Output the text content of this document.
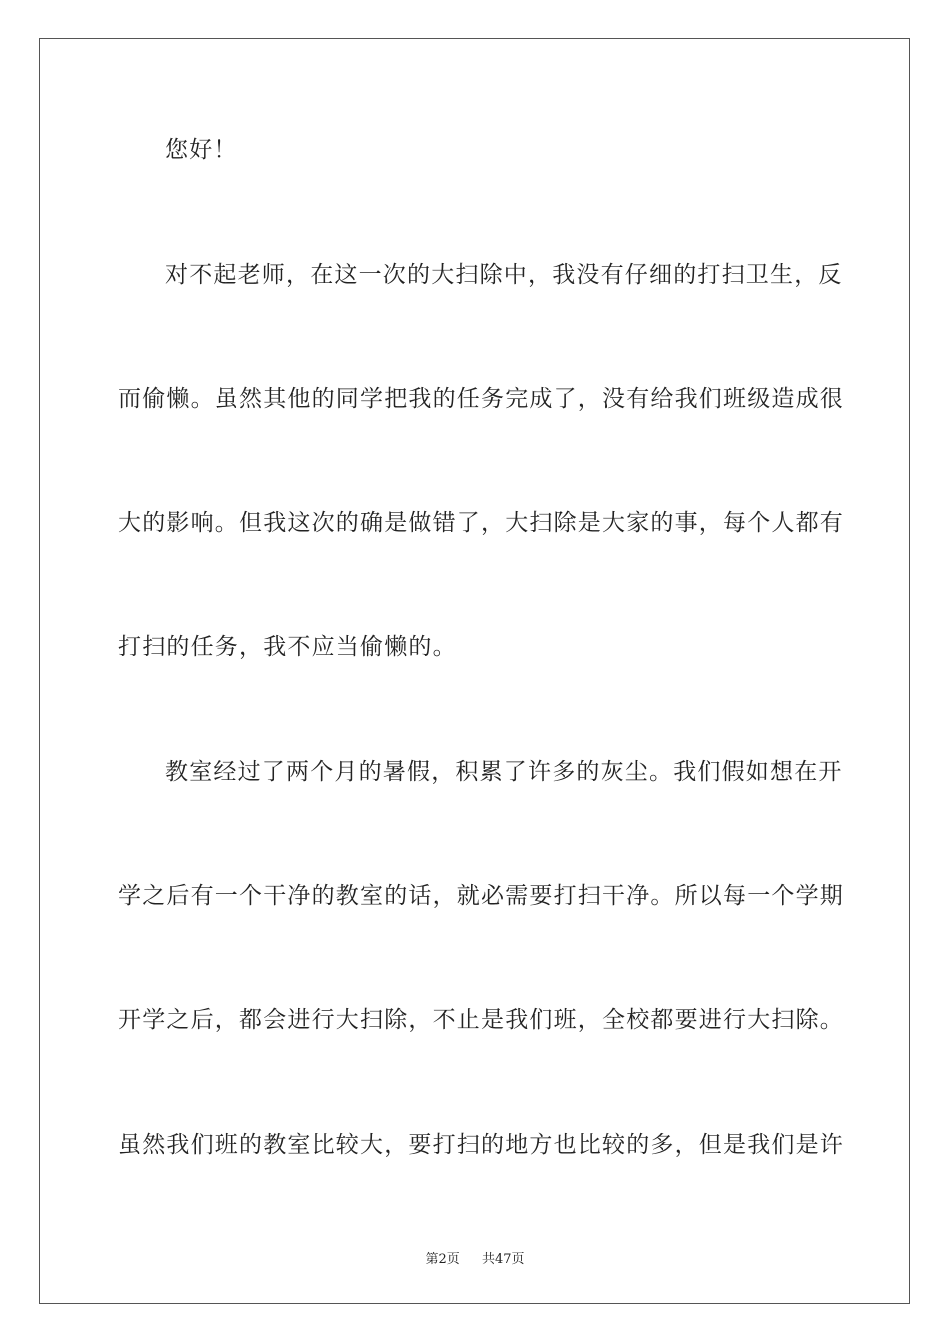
您好！
对不起老师，在这一次的大扫除中，我没有仔细的打扫卫生，反
而偷懒。虽然其他的同学把我的任务完成了，没有给我们班级造成很
大的影响。但我这次的确是做错了，大扫除是大家的事，每个人都有
打扫的任务，我不应当偷懒的。
教室经过了两个月的暑假，积累了许多的灰尘。我们假如想在开
学之后有一个干净的教室的话，就必需要打扫干净。所以每一个学期
开学之后，都会进行大扫除，不止是我们班，全校都要进行大扫除。
虽然我们班的教室比较大，要打扫的地方也比较的多，但是我们是许
第2页 共47页
